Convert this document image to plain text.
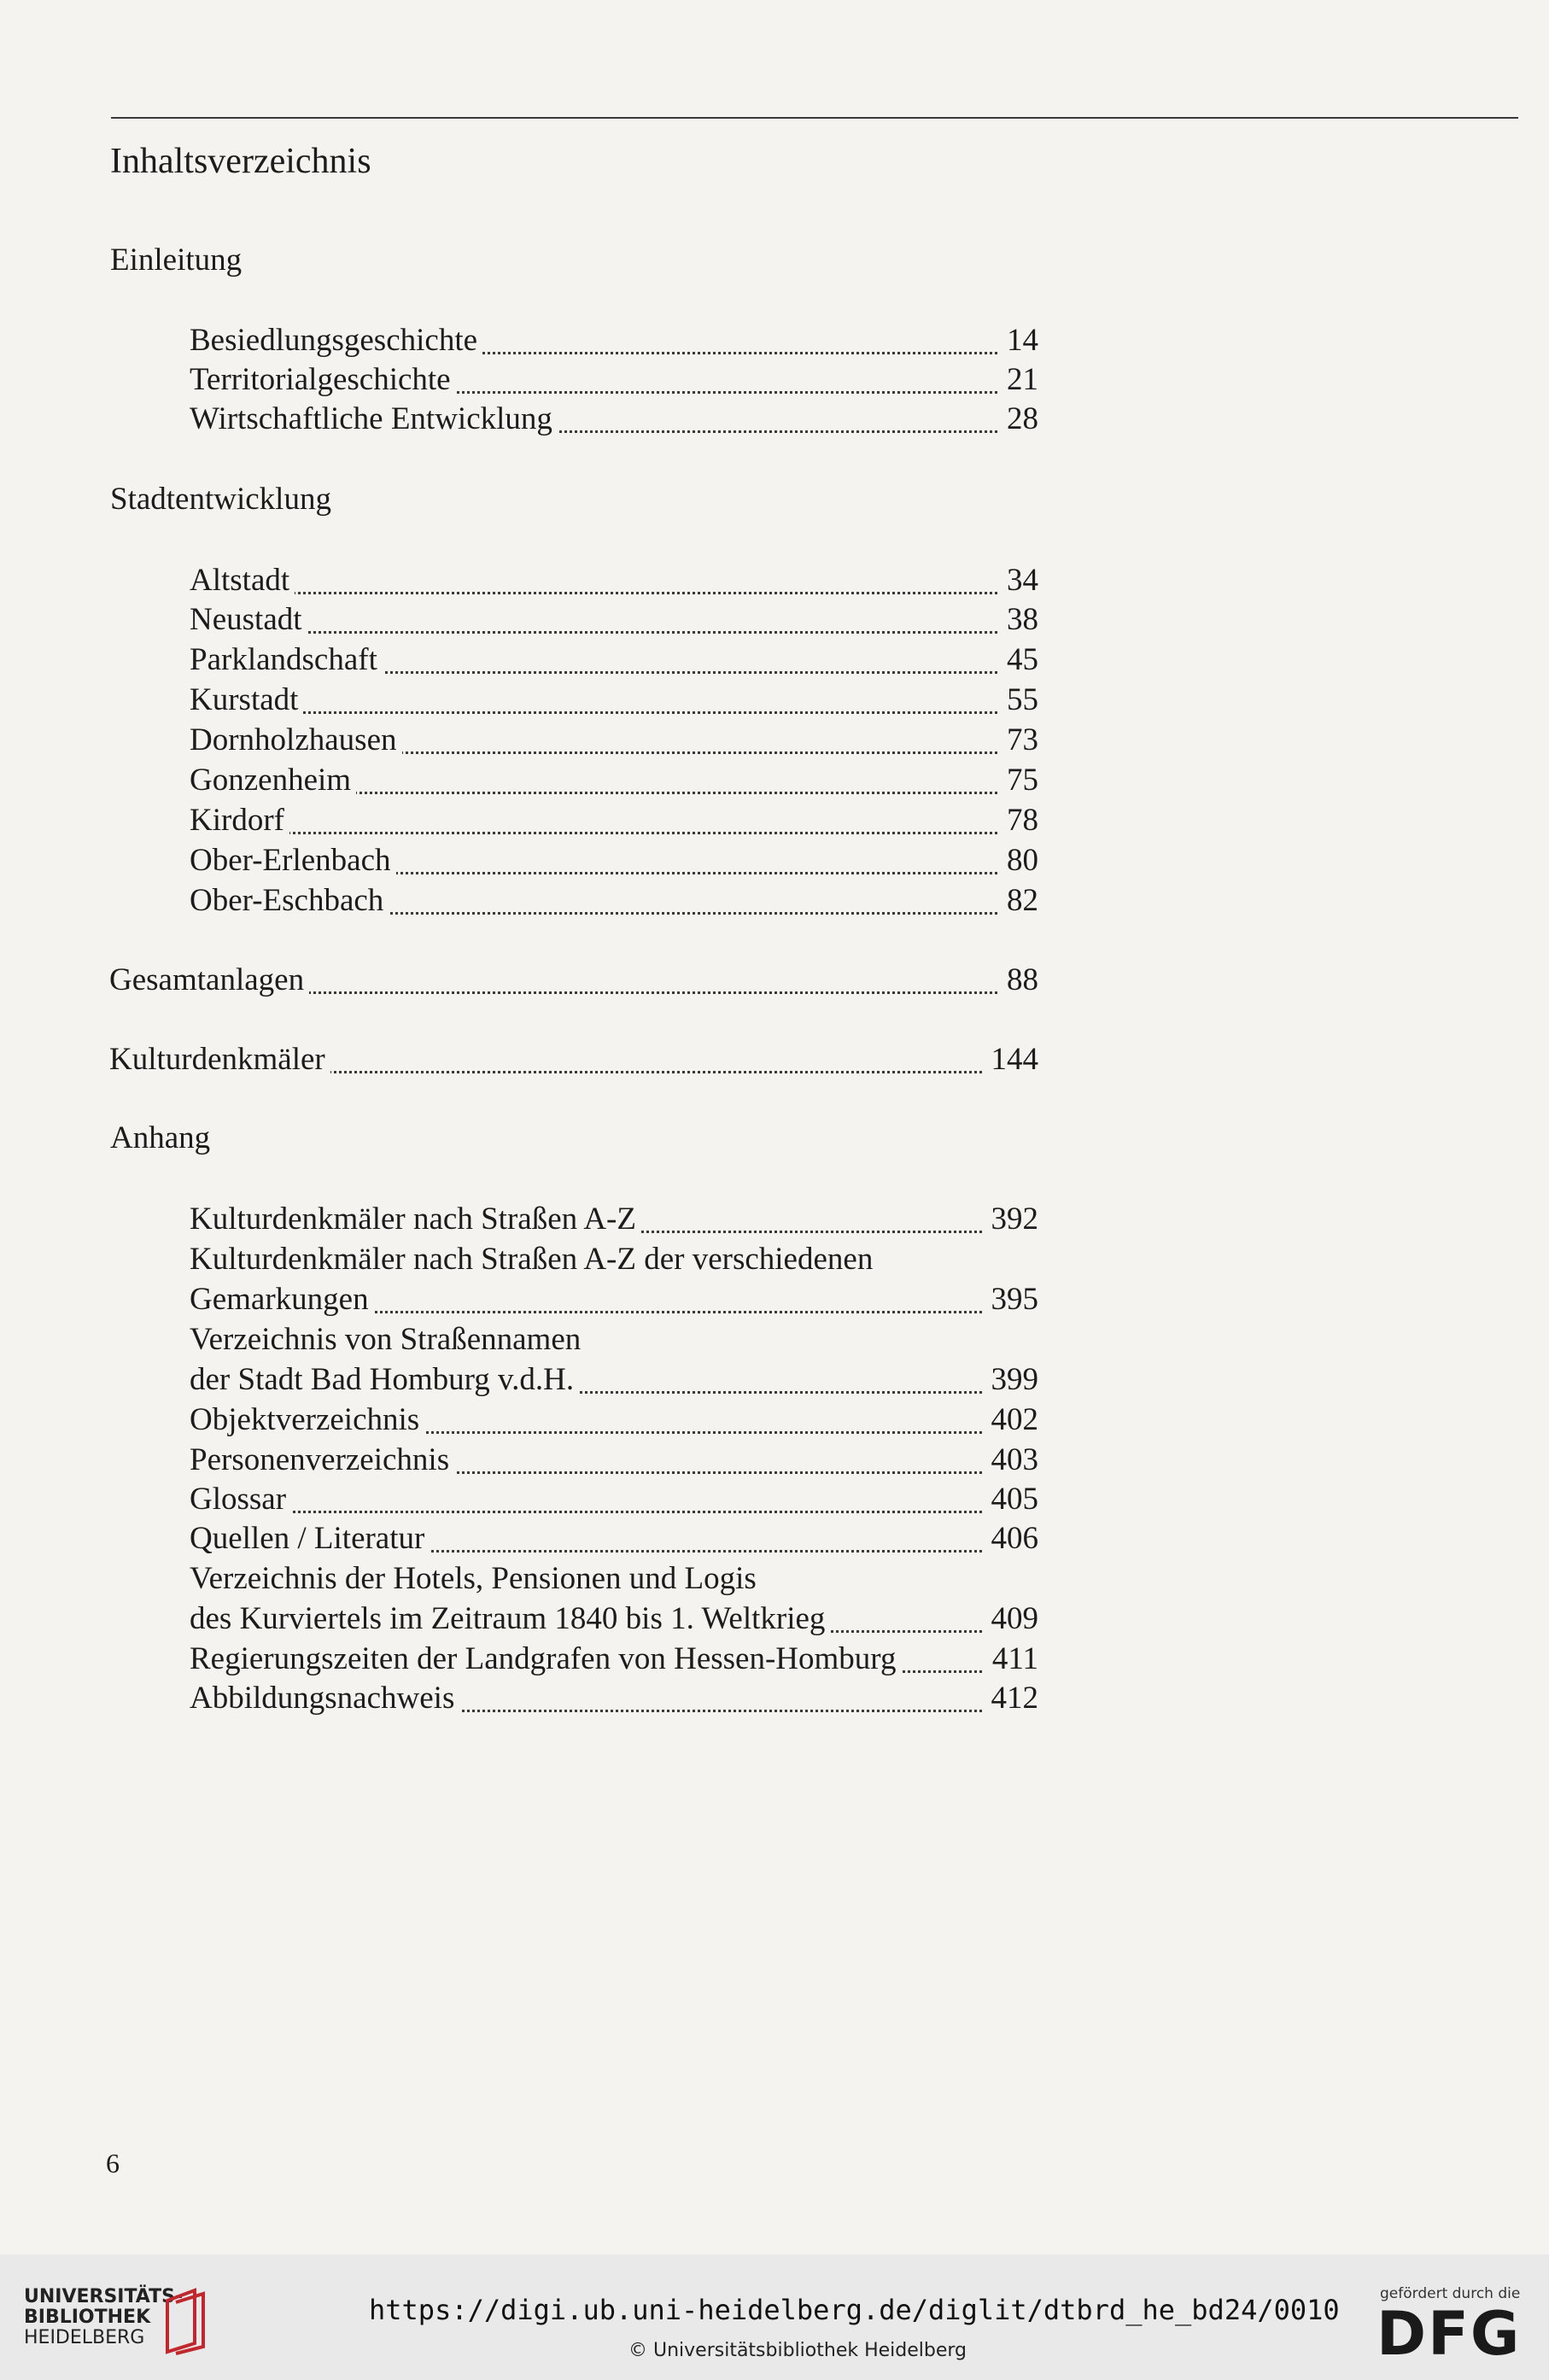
Inhaltsverzeichnis
Einleitung
Besiedlungsgeschichte	14
Territorialgeschichte	21
Wirtschaftliche Entwicklung	28
Stadtentwicklung
Altstadt	34
Neustadt	38
Parklandschaft	45
Kurstadt	55
Dornholzhausen	73
Gonzenheim	75
Kirdorf	78
Ober-Erlenbach	80
Ober-Eschbach	82
Gesamtanlagen	88
Kulturdenkmäler	144
Anhang
Kulturdenkmäler nach Straßen A-Z	392
Kulturdenkmäler nach Straßen A-Z der verschiedenen
Gemarkungen	395
Verzeichnis von Straßennamen
der Stadt Bad Homburg v.d.H.	399
Objektverzeichnis	402
Personenverzeichnis	403
Glossar	405
Quellen / Literatur	406
Verzeichnis der Hotels, Pensionen und Logis
des Kurviertels im Zeitraum 1840 bis 1. Weltkrieg	409
Regierungszeiten der Landgrafen von Hessen-Homburg	411
Abbildungsnachweis	412
6
UNIVERSITÄTS-
BIBLIOTHEK
HEIDELBERG
https://digi.ub.uni-heidelberg.de/diglit/dtbrd_he_bd24/0010
© Universitätsbibliothek Heidelberg
gefördert durch die
DFG
